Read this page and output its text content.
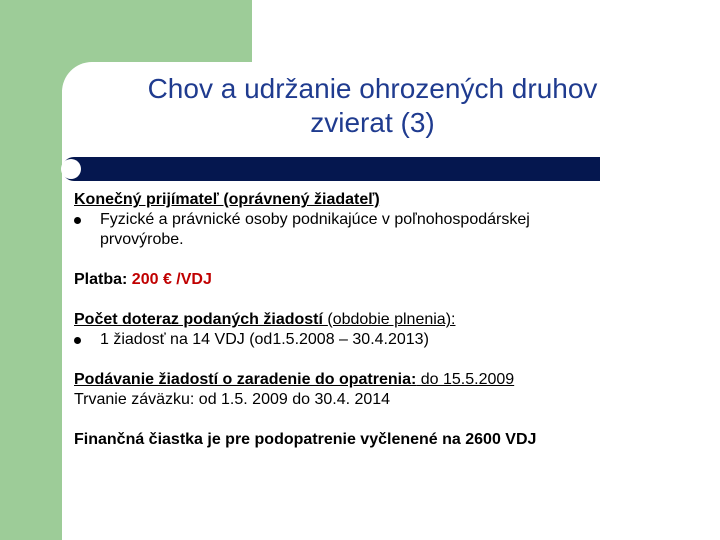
Chov a udržanie ohrozených druhov
zvierat (3)
Konečný prijímateľ (oprávnený žiadateľ)
Fyzické a právnické osoby podnikajúce v poľnohospodárskej
prvovýrobe.
Platba: 200 € /VDJ
Počet doteraz podaných žiadostí (obdobie plnenia):
1 žiadosť na 14 VDJ (od1.5.2008 – 30.4.2013)
Podávanie žiadostí o zaradenie do opatrenia: do 15.5.2009
Trvanie záväzku: od 1.5. 2009 do 30.4. 2014
Finančná čiastka je pre podopatrenie vyčlenené na 2600 VDJ
